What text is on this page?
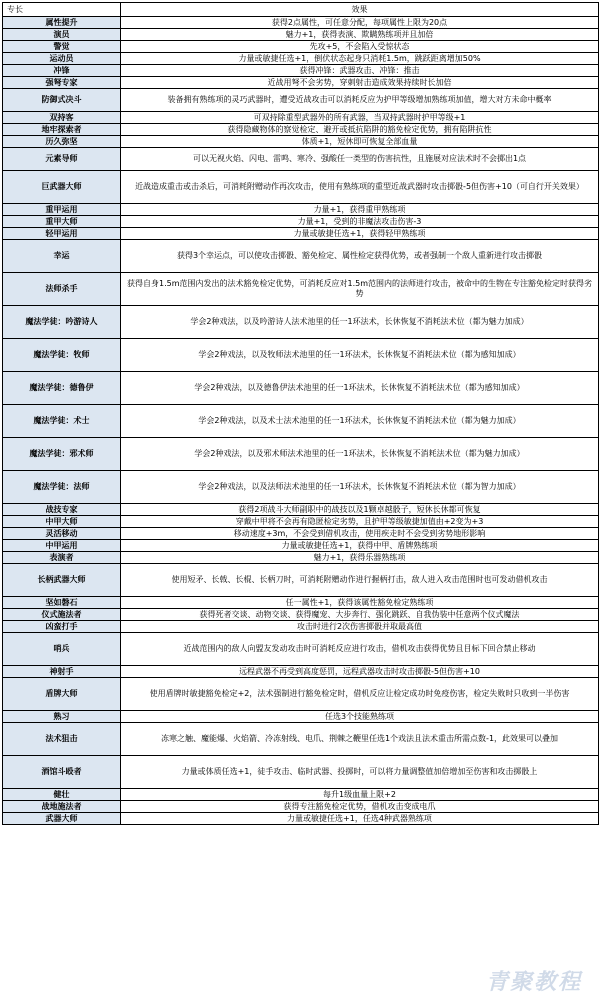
专长	效果
属性提升	获得2点属性，可任意分配，每项属性上限为20点
演员	魅力+1，获得表演、欺瞒熟练项并且加倍
警觉	先攻+5，不会陷入受惊状态
运动员	力量或敏捷任选+1，倒伏状态起身只消耗1.5m，跳跃距离增加50%
冲锋	获得冲锋：武器攻击、冲锋：推击
强弩专家	近战用弩不会劣势，穿刺射击造成效果持续时长加倍
防御式决斗	装备拥有熟练项的灵巧武器时，遭受近战攻击可以消耗反应为护甲等级增加熟练项加值，增大对方未命中概率
双持客	可双持除重型武器外的所有武器，当双持武器时护甲等级+1
地牢探索者	获得隐藏物体的察觉检定、避开或抵抗陷阱的豁免检定优势，拥有陷阱抗性
历久弥坚	体质+1，短休即可恢复全部血量
元素导师	可以无视火焰、闪电、雷鸣、寒冷、强酸任一类型的伤害抗性，且施展对应法术时不会掷出1点
巨武器大师	近战造成重击或击杀后，可消耗附赠动作再次攻击，使用有熟练项的重型近战武器时攻击掷骰-5但伤害+10（可自行开关效果）
重甲运用	力量+1，获得重甲熟练项
重甲大师	力量+1，受到的非魔法攻击伤害-3
轻甲运用	力量或敏捷任选+1，获得轻甲熟练项
幸运	获得3个幸运点，可以使攻击掷骰、豁免检定、属性检定获得优势，或者强制一个敌人重新进行攻击掷骰
法师杀手	获得自身1.5m范围内发出的法术豁免检定优势，可消耗反应对1.5m范围内的法师进行攻击，被命中的生物在专注豁免检定时获得劣势
魔法学徒：吟游诗人	学会2种戏法，以及吟游诗人法术池里的任一1环法术，长休恢复不消耗法术位（都为魅力加成）
魔法学徒：牧师	学会2种戏法，以及牧师法术池里的任一1环法术，长休恢复不消耗法术位（都为感知加成）
魔法学徒：德鲁伊	学会2种戏法，以及德鲁伊法术池里的任一1环法术，长休恢复不消耗法术位（都为感知加成）
魔法学徒：术士	学会2种戏法，以及术士法术池里的任一1环法术，长休恢复不消耗法术位（都为魅力加成）
魔法学徒：邪术师	学会2种戏法，以及邪术师法术池里的任一1环法术，长休恢复不消耗法术位（都为魅力加成）
魔法学徒：法师	学会2种戏法，以及法师法术池里的任一1环法术，长休恢复不消耗法术位（都为智力加成）
战技专家	获得2项战斗大师副职中的战技以及1颗卓越骰子，短休长休都可恢复
中甲大师	穿戴中甲将不会再有隐匿检定劣势，且护甲等级敏捷加值由+2变为+3
灵活移动	移动速度+3m，不会受到借机攻击，使用疾走时不会受到劣势地形影响
中甲运用	力量或敏捷任选+1，获得中甲、盾牌熟练项
表演者	魅力+1，获得乐器熟练项
长柄武器大师	使用短矛、长戟、长棍、长柄刀时，可消耗附赠动作进行握柄打击，敌人进入攻击范围时也可发动借机攻击
坚如磐石	任一属性+1，获得该属性豁免检定熟练项
仪式施法者	获得死者交谈、动物交谈、获得魔宠、大步奔行、强化跳跃、自我伪装中任意两个仪式魔法
凶蛮打手	攻击时进行2次伤害掷骰并取最高值
哨兵	近战范围内的敌人向盟友发动攻击时可消耗反应进行攻击，借机攻击获得优势且目标下回合禁止移动
神射手	远程武器不再受到高度惩罚，远程武器攻击时攻击掷骰-5但伤害+10
盾牌大师	使用盾牌时敏捷豁免检定+2，法术强制进行豁免检定时，借机反应让检定成功时免疫伤害，检定失败时只收到一半伤害
熟习	任选3个技能熟练项
法术狙击	冻寒之触、魔能爆、火焰箭、冷冻射线、电爪、荆棘之鞭里任选1个戏法且法术重击所需点数-1，此效果可以叠加
酒馆斗殴者	力量或体质任选+1，徒手攻击、临时武器、投掷时，可以将力量调整值加倍增加至伤害和攻击掷骰上
健壮	每升1级血量上限+2
战地施法者	获得专注豁免检定优势，借机攻击变成电爪
武器大师	力量或敏捷任选+1，任选4种武器熟练项
青聚教程
